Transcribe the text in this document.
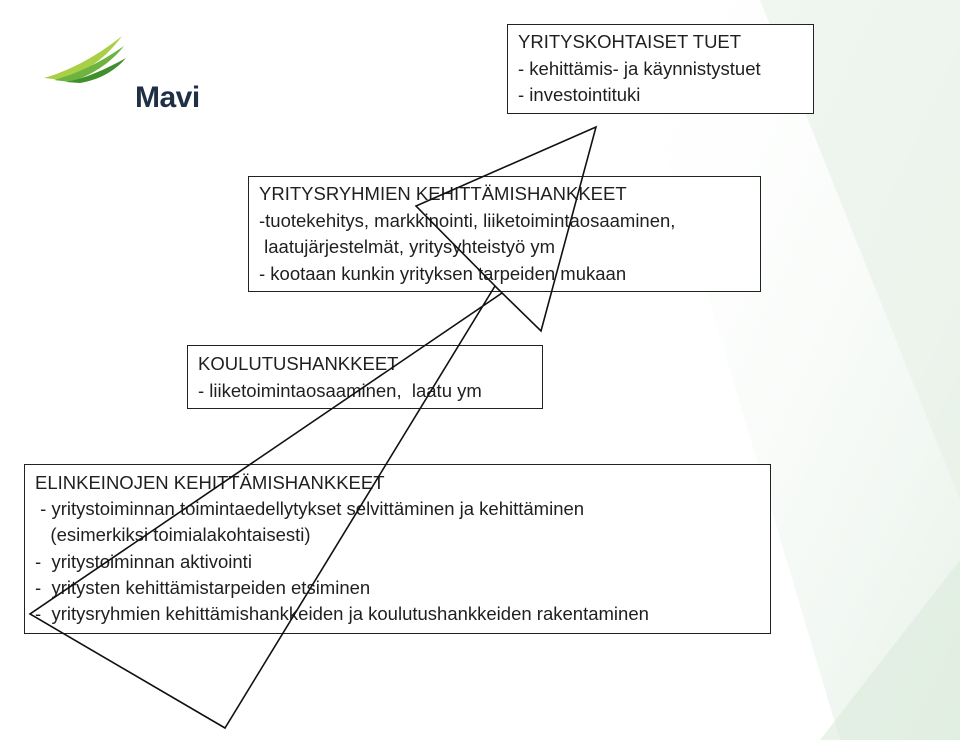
Mavi
YRITYSKOHTAISET TUET
- kehittämis- ja käynnistystuet
- investointituki
YRITYSRYHMIEN KEHITTÄMISHANKKEET
-tuotekehitys, markkinointi, liiketoimintaosaaminen,
laatujärjestelmät, yritysyhteistyö ym
- kootaan kunkin yrityksen tarpeiden mukaan
KOULUTUSHANKKEET
- liiketoimintaosaaminen,  laatu ym
ELINKEINOJEN KEHITTÄMISHANKKEET
- yritystoiminnan toimintaedellytykset selvittäminen ja kehittäminen
(esimerkiksi toimialakohtaisesti)
-  yritystoiminnan aktivointi
-  yritysten kehittämistarpeiden etsiminen
-  yritysryhmien kehittämishankkeiden ja koulutushankkeiden rakentaminen
